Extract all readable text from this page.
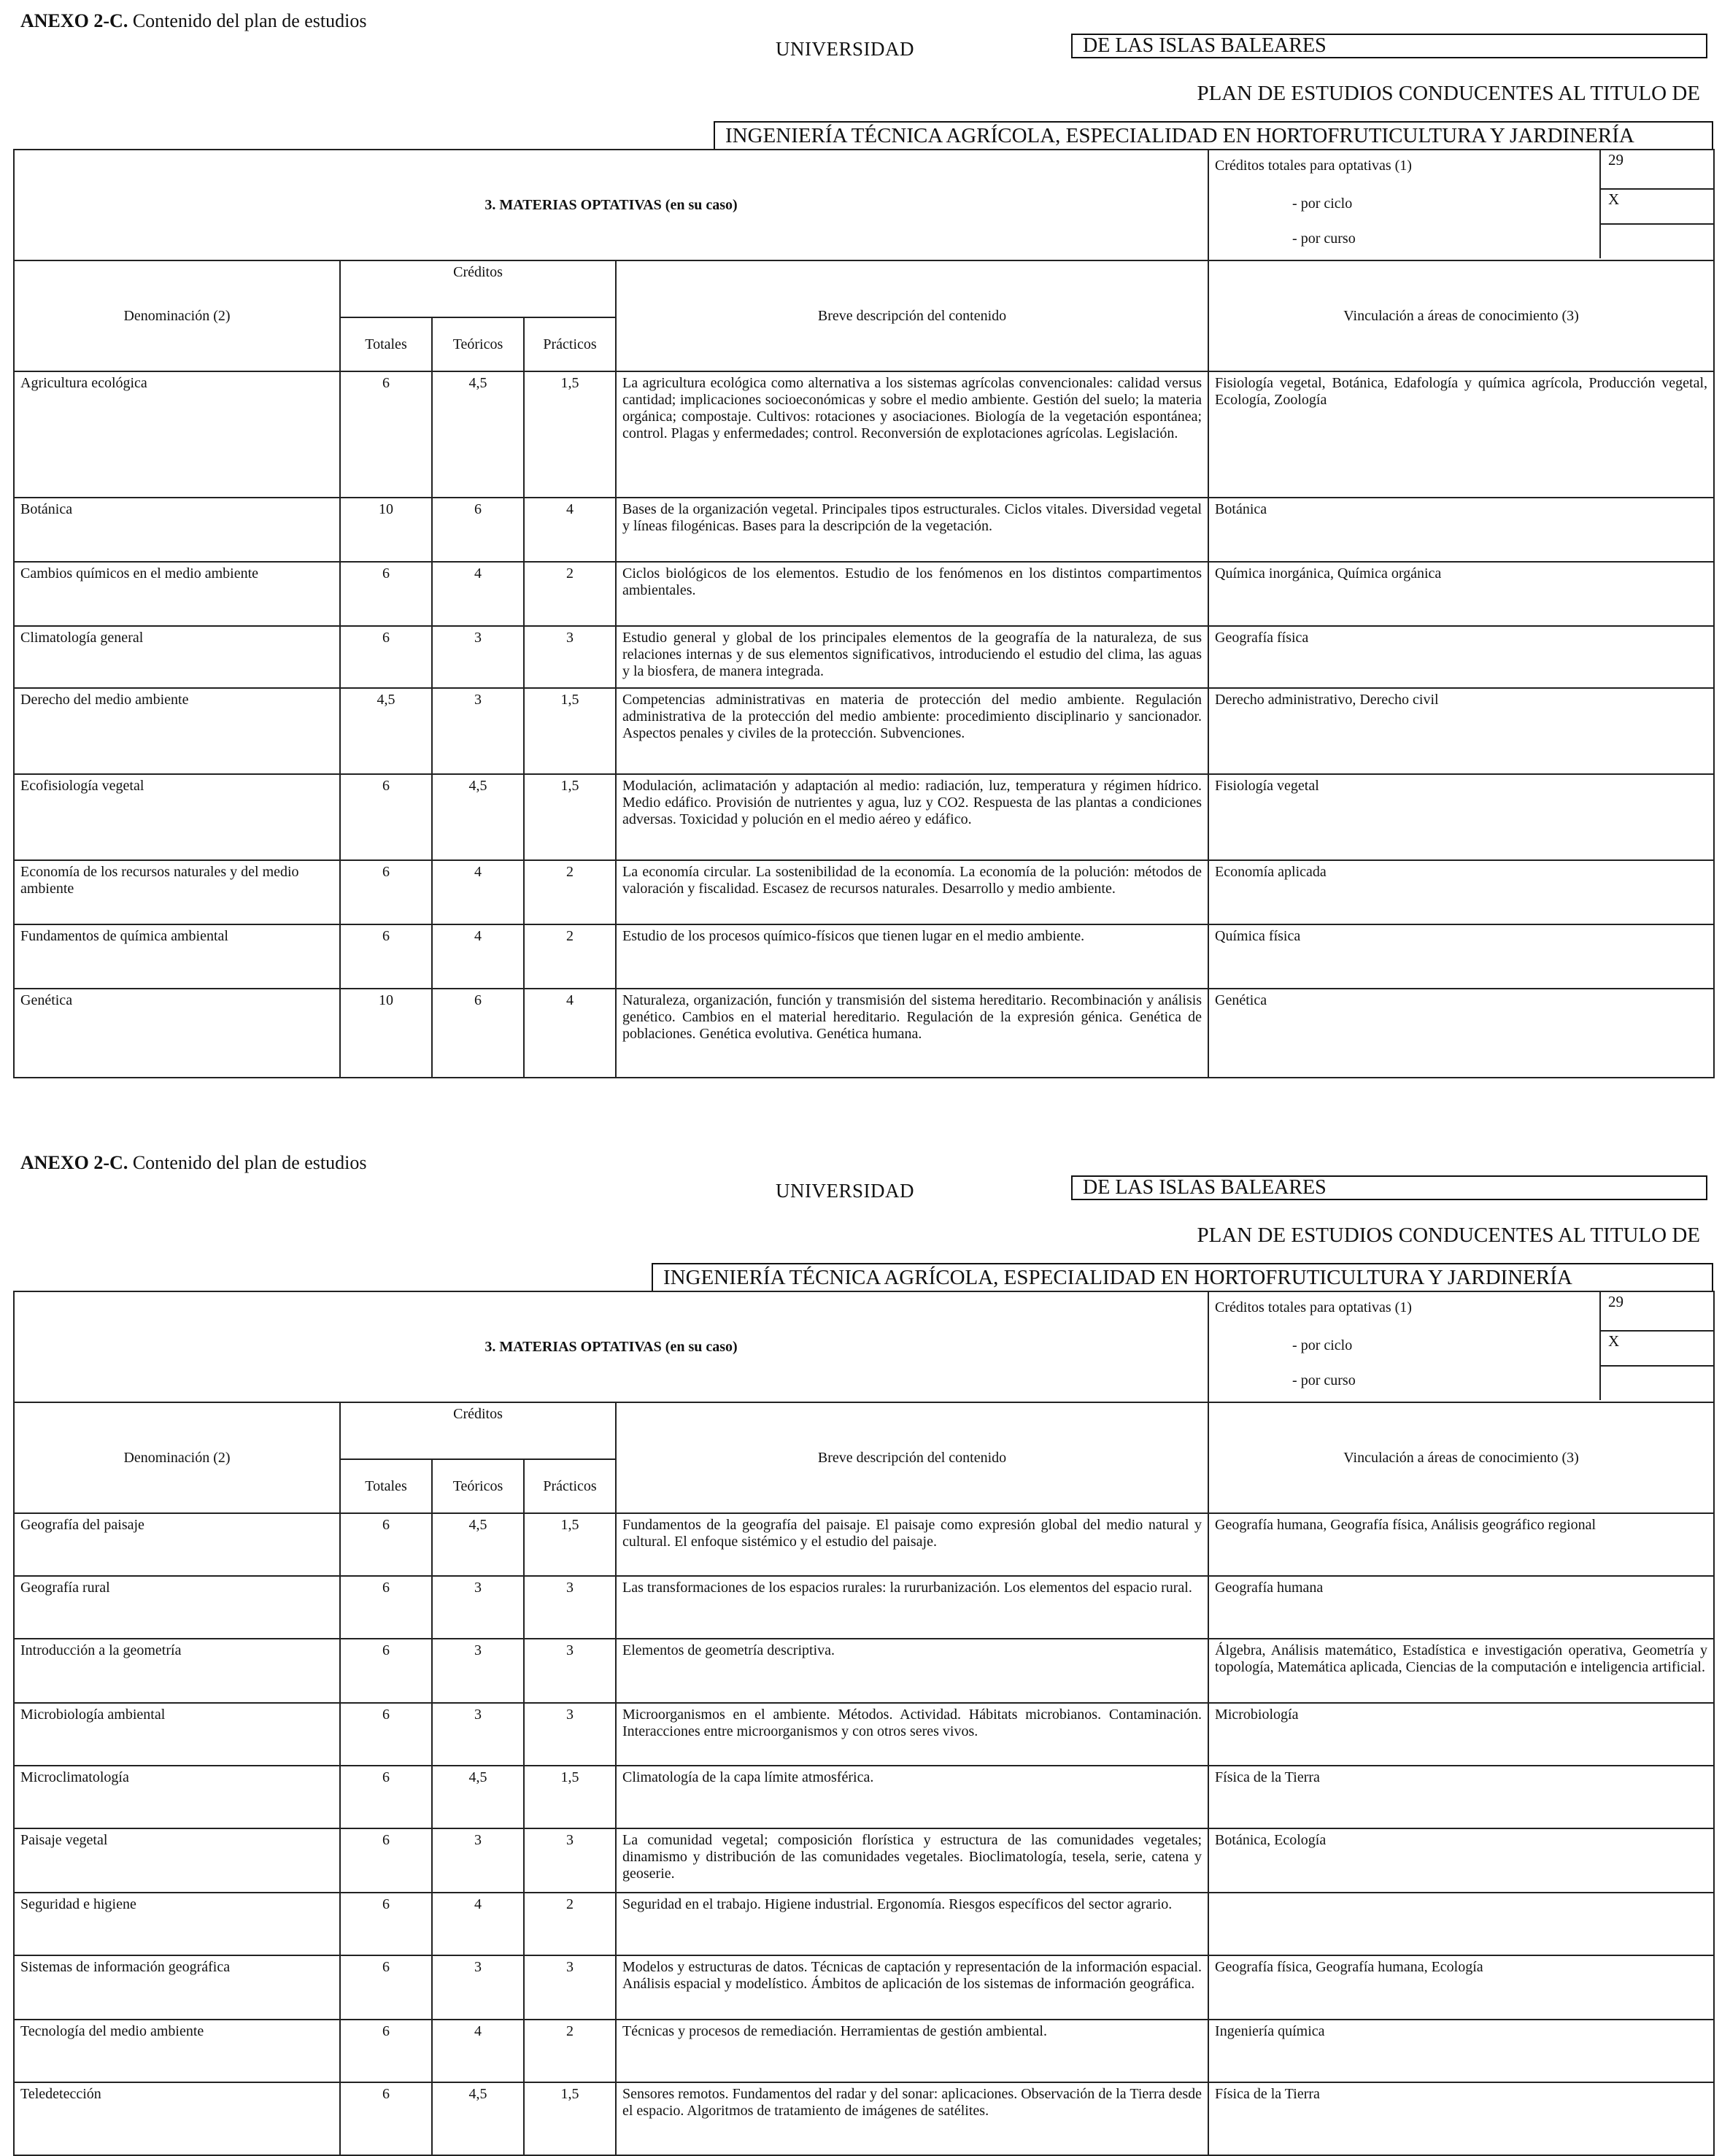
ANEXO 2-C. Contenido del plan de estudios
UNIVERSIDAD	DE LAS ISLAS BALEARES
PLAN DE ESTUDIOS CONDUCENTES AL TITULO DE
INGENIERÍA TÉCNICA AGRÍCOLA, ESPECIALIDAD EN HORTOFRUTICULTURA Y JARDINERÍA
3. MATERIAS OPTATIVAS (en su caso)					Créditos totales para optativas (1) 29
- por ciclo X
- por curso

Denominación (2)	Créditos			Breve descripción del contenido	Vinculación a áreas de conocimiento (3)
	Totales	Teóricos	Prácticos		
Agricultura ecológica	6	4,5	1,5	La agricultura ecológica como alternativa a los sistemas agrícolas convencionales: calidad versus cantidad; implicaciones socioeconómicas y sobre el medio ambiente. Gestión del suelo; la materia orgánica; compostaje. Cultivos: rotaciones y asociaciones. Biología de la vegetación espontánea; control. Plagas y enfermedades; control. Reconversión de explotaciones agrícolas. Legislación.	Fisiología vegetal, Botánica, Edafología y química agrícola, Producción vegetal, Ecología, Zoología
Botánica	10	6	4	Bases de la organización vegetal. Principales tipos estructurales. Ciclos vitales. Diversidad vegetal y líneas filogénicas. Bases para la descripción de la vegetación.	Botánica
Cambios químicos en el medio ambiente	6	4	2	Ciclos biológicos de los elementos. Estudio de los fenómenos en los distintos compartimentos ambientales.	Química inorgánica, Química orgánica
Climatología general	6	3	3	Estudio general y global de los principales elementos de la geografía de la naturaleza, de sus relaciones internas y de sus elementos significativos, introduciendo el estudio del clima, las aguas y la biosfera, de manera integrada.	Geografía física
Derecho del medio ambiente	4,5	3	1,5	Competencias administrativas en materia de protección del medio ambiente. Regulación administrativa de la protección del medio ambiente: procedimiento disciplinario y sancionador. Aspectos penales y civiles de la protección. Subvenciones.	Derecho administrativo, Derecho civil
Ecofisiología vegetal	6	4,5	1,5	Modulación, aclimatación y adaptación al medio: radiación, luz, temperatura y régimen hídrico. Medio edáfico. Provisión de nutrientes y agua, luz y CO2. Respuesta de las plantas a condiciones adversas. Toxicidad y polución en el medio aéreo y edáfico.	Fisiología vegetal
Economía de los recursos naturales y del medio ambiente	6	4	2	La economía circular. La sostenibilidad de la economía. La economía de la polución: métodos de valoración y fiscalidad. Escasez de recursos naturales. Desarrollo y medio ambiente.	Economía aplicada
Fundamentos de química ambiental	6	4	2	Estudio de los procesos químico-físicos que tienen lugar en el medio ambiente.	Química física
Genética	10	6	4	Naturaleza, organización, función y transmisión del sistema hereditario. Recombinación y análisis genético. Cambios en el material hereditario. Regulación de la expresión génica. Genética de poblaciones. Genética evolutiva. Genética humana.	Genética
ANEXO 2-C. Contenido del plan de estudios
UNIVERSIDAD	DE LAS ISLAS BALEARES
PLAN DE ESTUDIOS CONDUCENTES AL TITULO DE
INGENIERÍA TÉCNICA AGRÍCOLA, ESPECIALIDAD EN HORTOFRUTICULTURA Y JARDINERÍA
3. MATERIAS OPTATIVAS (en su caso)					Créditos totales para optativas (1) 29
- por ciclo X
- por curso

Denominación (2)	Créditos			Breve descripción del contenido	Vinculación a áreas de conocimiento (3)
	Totales	Teóricos	Prácticos		
Geografía del paisaje	6	4,5	1,5	Fundamentos de la geografía del paisaje. El paisaje como expresión global del medio natural y cultural. El enfoque sistémico y el estudio del paisaje.	Geografía humana, Geografía física, Análisis geográfico regional
Geografía rural	6	3	3	Las transformaciones de los espacios rurales: la rururbanización. Los elementos del espacio rural.	Geografía humana
Introducción a la geometría	6	3	3	Elementos de geometría descriptiva.	Álgebra, Análisis matemático, Estadística e investigación operativa, Geometría y topología, Matemática aplicada, Ciencias de la computación e inteligencia artificial.
Microbiología ambiental	6	3	3	Microorganismos en el ambiente. Métodos. Actividad. Hábitats microbianos. Contaminación. Interacciones entre microorganismos y con otros seres vivos.	Microbiología
Microclimatología	6	4,5	1,5	Climatología de la capa límite atmosférica.	Física de la Tierra
Paisaje vegetal	6	3	3	La comunidad vegetal; composición florística y estructura de las comunidades vegetales; dinamismo y distribución de las comunidades vegetales. Bioclimatología, tesela, serie, catena y geoserie.	Botánica, Ecología
Seguridad e higiene	6	4	2	Seguridad en el trabajo. Higiene industrial. Ergonomía. Riesgos específicos del sector agrario.	
Sistemas de información geográfica	6	3	3	Modelos y estructuras de datos. Técnicas de captación y representación de la información espacial. Análisis espacial y modelístico. Ámbitos de aplicación de los sistemas de información geográfica.	Geografía física, Geografía humana, Ecología
Tecnología del medio ambiente	6	4	2	Técnicas y procesos de remediación. Herramientas de gestión ambiental.	Ingeniería química
Teledetección	6	4,5	1,5	Sensores remotos. Fundamentos del radar y del sonar: aplicaciones. Observación de la Tierra desde el espacio. Algoritmos de tratamiento de imágenes de satélites.	Física de la Tierra
